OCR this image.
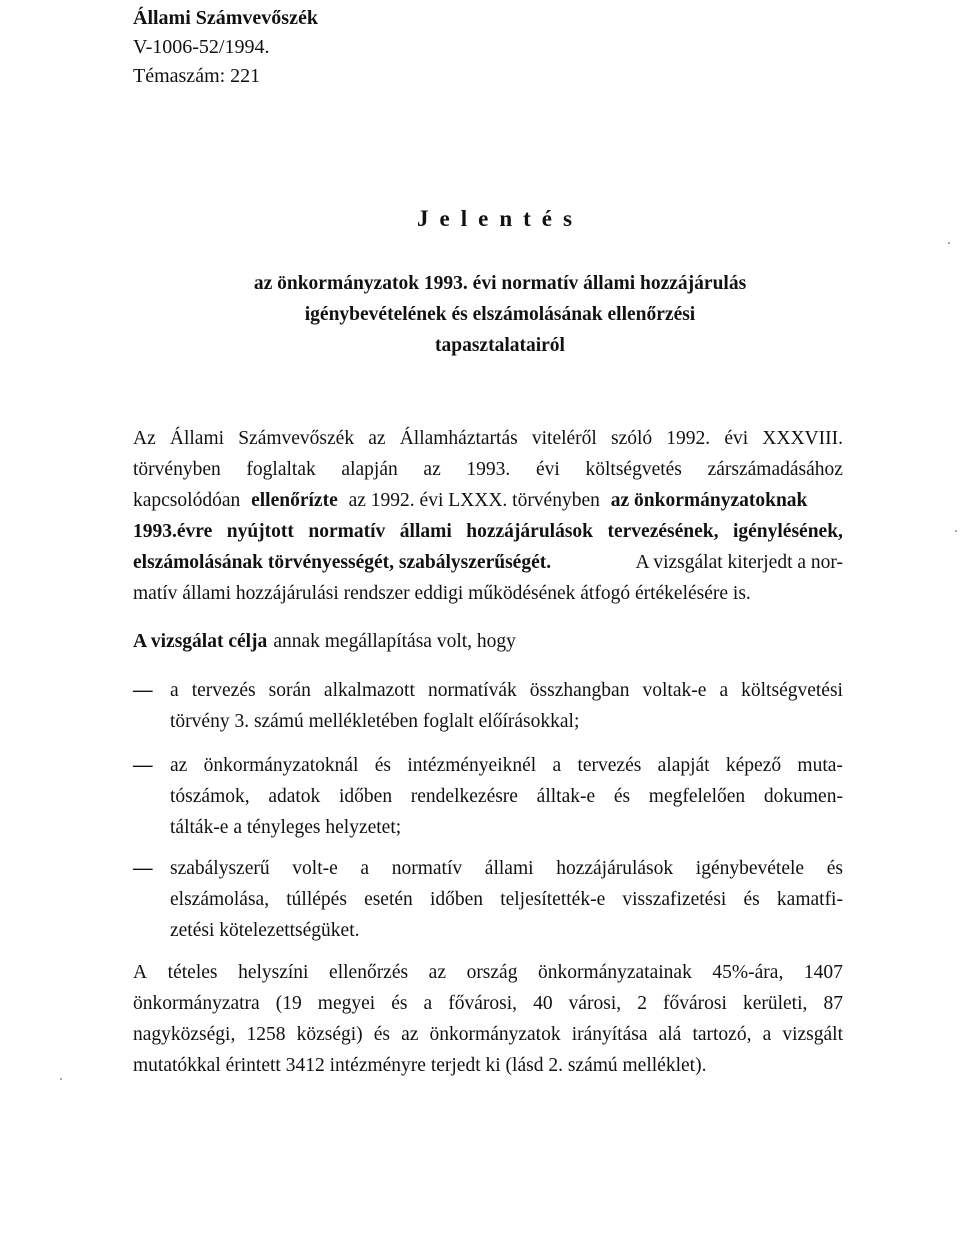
Állami Számvevőszék
V-1006-52/1994.
Témaszám: 221
Jelentés
az önkormányzatok 1993. évi normatív állami hozzájárulás
igénybevételének és elszámolásának ellenőrzési
tapasztalatairól
Az Állami Számvevőszék az Államháztartás viteléről szóló 1992. évi XXXVIII.
törvényben foglaltak alapján az 1993. évi költségvetés zárszámadásához
kapcsolódóan ellenőrízte az 1992. évi LXXX. törvényben az önkormányzatoknak
1993.évre nyújtott normatív állami hozzájárulások tervezésének, igénylésének,
elszámolásának törvényességét, szabályszerűségét.	A vizsgálat kiterjedt a nor-
matív állami hozzájárulási rendszer eddigi működésének átfogó értékelésére is.
A vizsgálat célja annak megállapítása volt, hogy
— a tervezés során alkalmazott normatívák összhangban voltak-e a költségvetési
törvény 3. számú mellékletében foglalt előírásokkal;
— az önkormányzatoknál és intézményeiknél a tervezés alapját képező muta-
tószámok, adatok időben rendelkezésre álltak-e és megfelelően dokumen-
tálták-e a tényleges helyzetet;
— szabályszerű volt-e a normatív állami hozzájárulások igénybevétele és
elszámolása, túllépés esetén időben teljesítették-e visszafizetési és kamatfi-
zetési kötelezettségüket.
A tételes helyszíni ellenőrzés az ország önkormányzatainak 45%-ára, 1407
önkormányzatra (19 megyei és a fővárosi, 40 városi, 2 fővárosi kerületi, 87
nagyközségi, 1258 községi) és az önkormányzatok irányítása alá tartozó, a vizsgált
mutatókkal érintett 3412 intézményre terjedt ki (lásd 2. számú melléklet).
